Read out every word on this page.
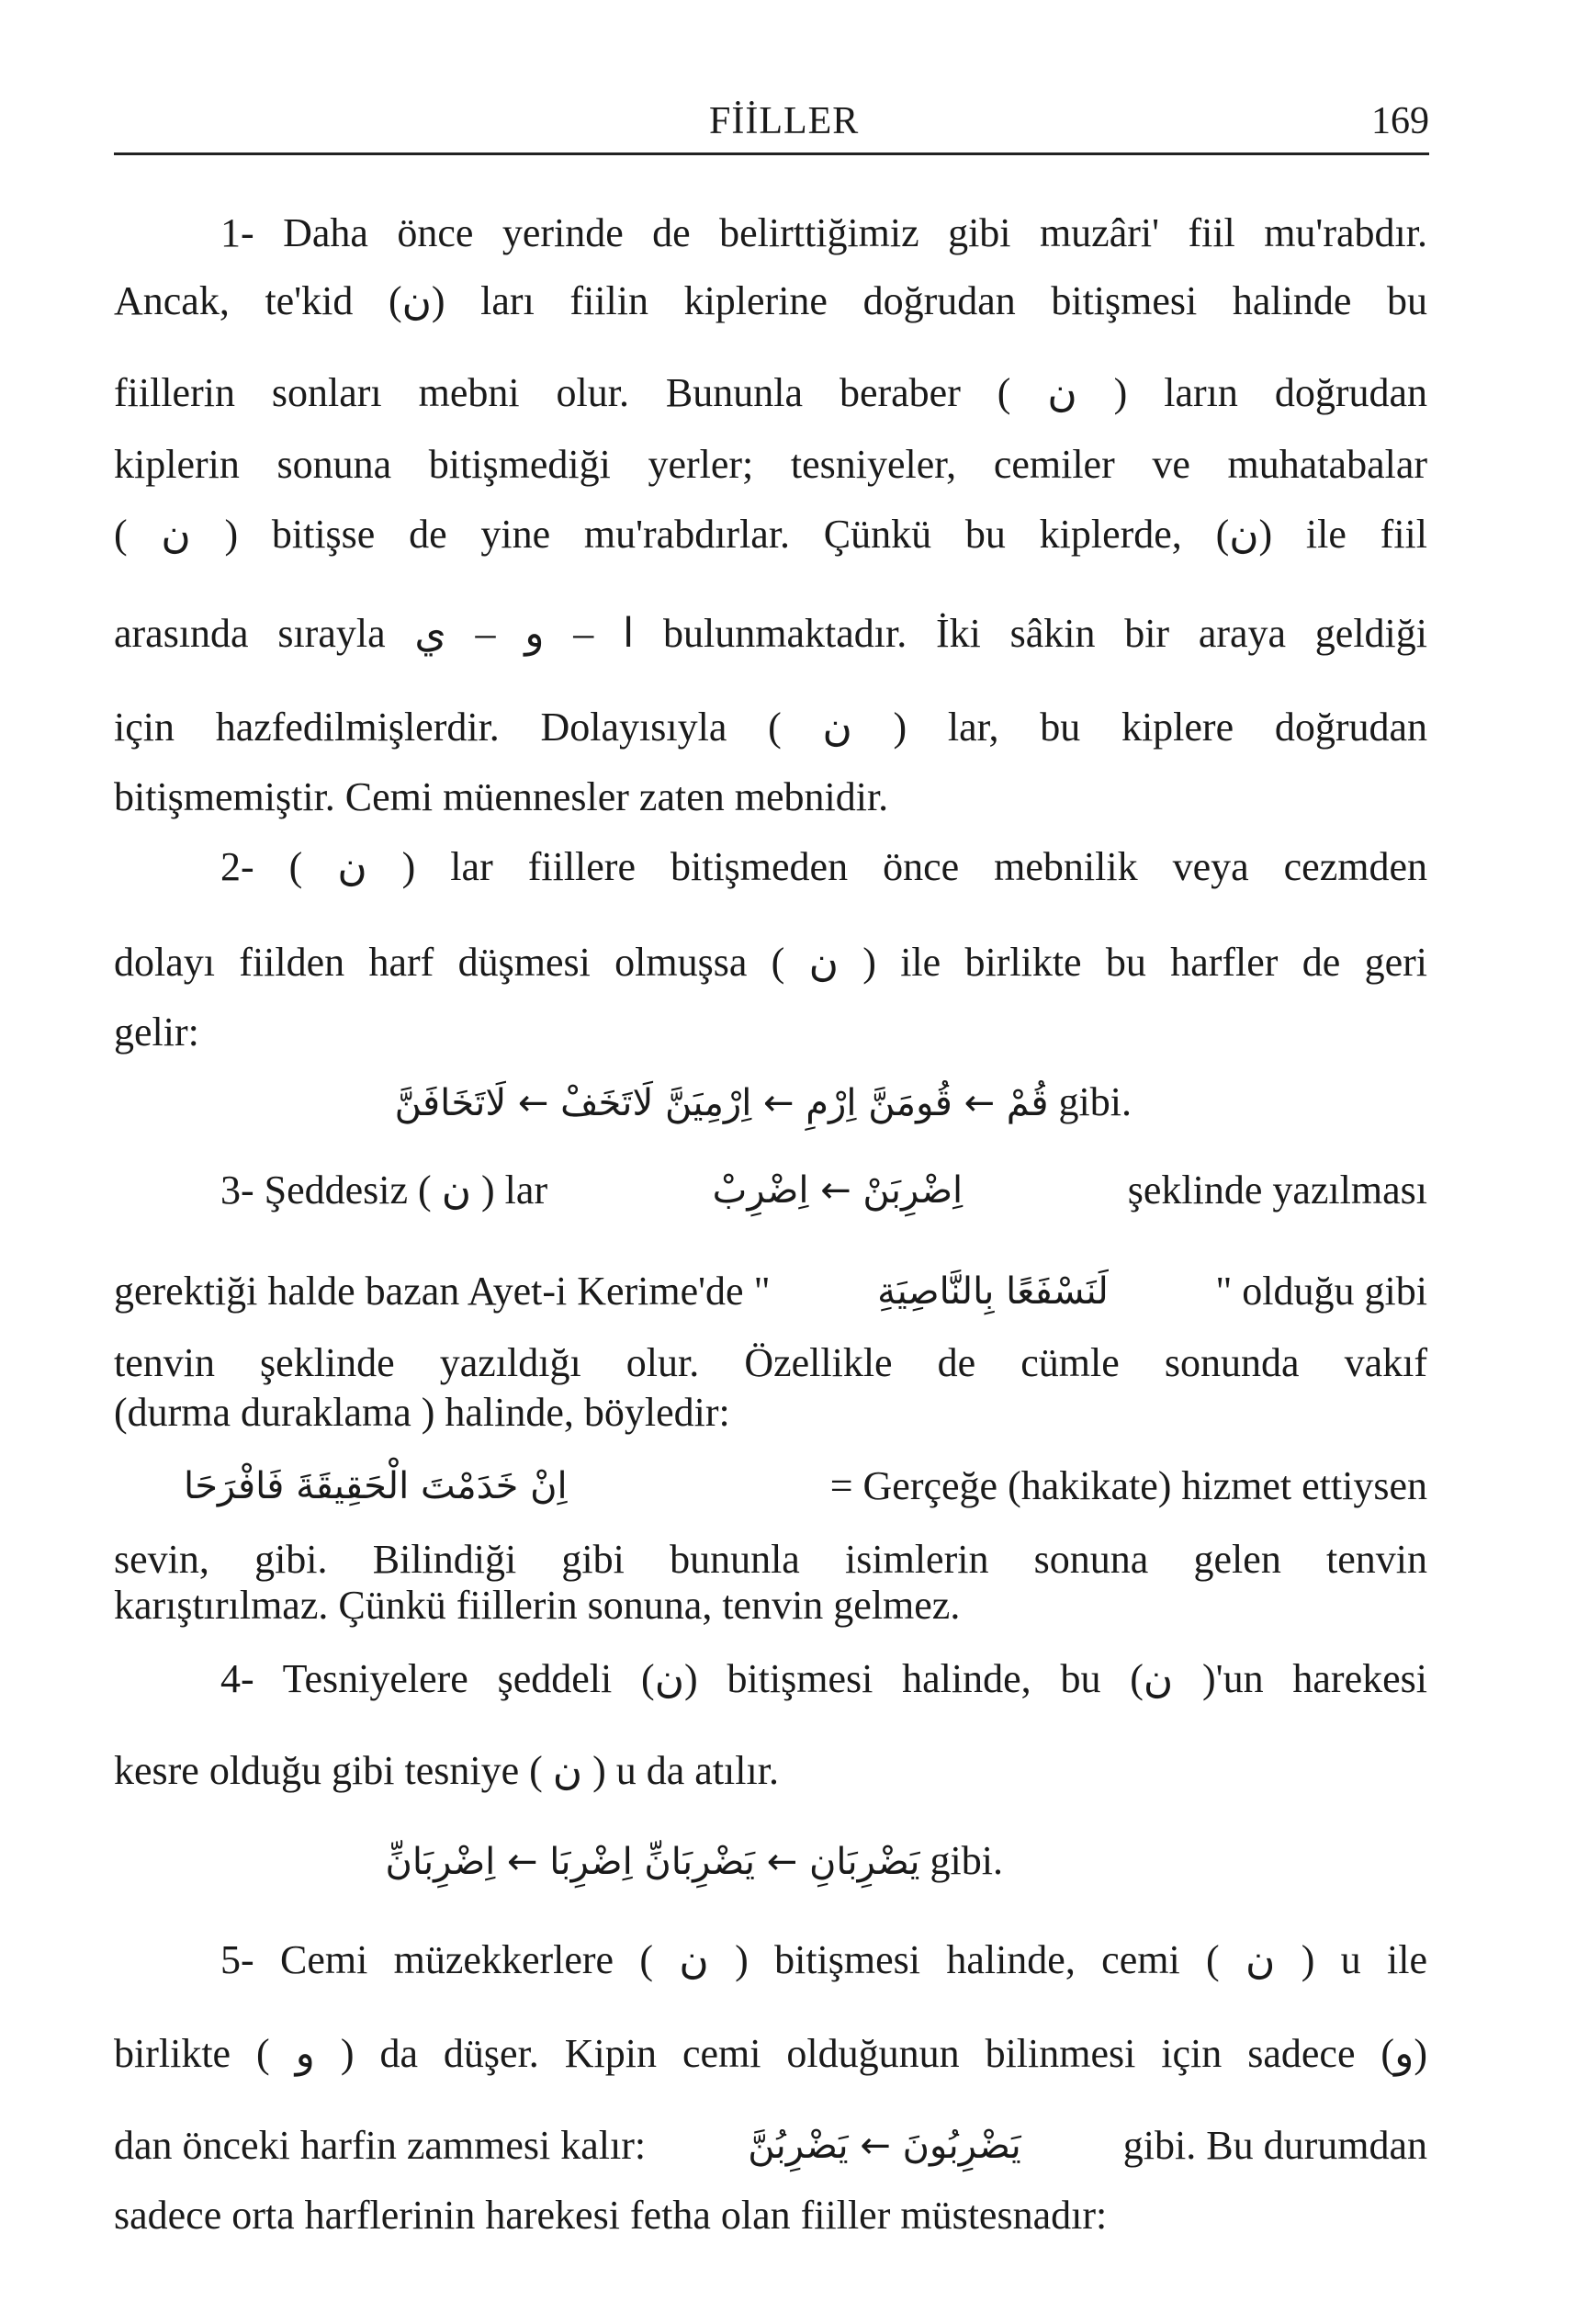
FİİLLER	169
1- Daha önce yerinde de belirttiğimiz gibi muzâri' fiil mu'rabdır.
Ancak, te'kid (ن) ları fiilin kiplerine doğrudan bitişmesi halinde bu
fiillerin sonları mebni olur. Bununla beraber ( ن ) ların doğrudan
kiplerin sonuna bitişmediği yerler; tesniyeler, cemiler ve muhatabalar
( ن ) bitişse de yine mu'rabdırlar. Çünkü bu kiplerde, (ن) ile fiil
arasında sırayla ا – و – ي bulunmaktadır. İki sâkin bir araya geldiği
için hazfedilmişlerdir. Dolayısıyla ( ن ) lar, bu kiplere doğrudan
bitişmemiştir. Cemi müennesler zaten mebnidir.
2- ( ن ) lar fiillere bitişmeden önce mebnilik veya cezmden
dolayı fiilden harf düşmesi olmuşsa ( ن ) ile birlikte bu harfler de geri
gelir:
قُمْ ← قُومَنَّ اِرْمِ ← اِرْمِيَنَّ لَاتَخَفْ ← لَاتَخَافَنَّ gibi.
3- Şeddesiz ( ن ) lar	اِضْرِبَنْ ← اِضْرِبْ	şeklinde yazılması
gerektiği halde bazan Ayet-i Kerime'de "	لَنَسْفَعًا بِالنَّاصِيَةِ	" olduğu gibi
tenvin şeklinde yazıldığı olur. Özellikle de cümle sonunda vakıf
(durma duraklama ) halinde, böyledir:
اِنْ خَدَمْتَ الْحَقِيقَةَ فَافْرَحَا	= Gerçeğe (hakikate) hizmet ettiysen
sevin, gibi. Bilindiği gibi bununla isimlerin sonuna gelen tenvin
karıştırılmaz. Çünkü fiillerin sonuna, tenvin gelmez.
4- Tesniyelere şeddeli (ن) bitişmesi halinde, bu (ن )'un harekesi
kesre olduğu gibi tesniye ( ن ) u da atılır.
يَضْرِبَانِ ← يَضْرِبَانِّ اِضْرِبَا ← اِضْرِبَانِّ gibi.
5- Cemi müzekkerlere ( ن ) bitişmesi halinde, cemi ( ن ) u ile
birlikte ( و ) da düşer. Kipin cemi olduğunun bilinmesi için sadece (و)
dan önceki harfin zammesi kalır:	يَضْرِبُونَ ← يَضْرِبُنَّ	gibi. Bu durumdan
sadece orta harflerinin harekesi fetha olan fiiller müstesnadır:
